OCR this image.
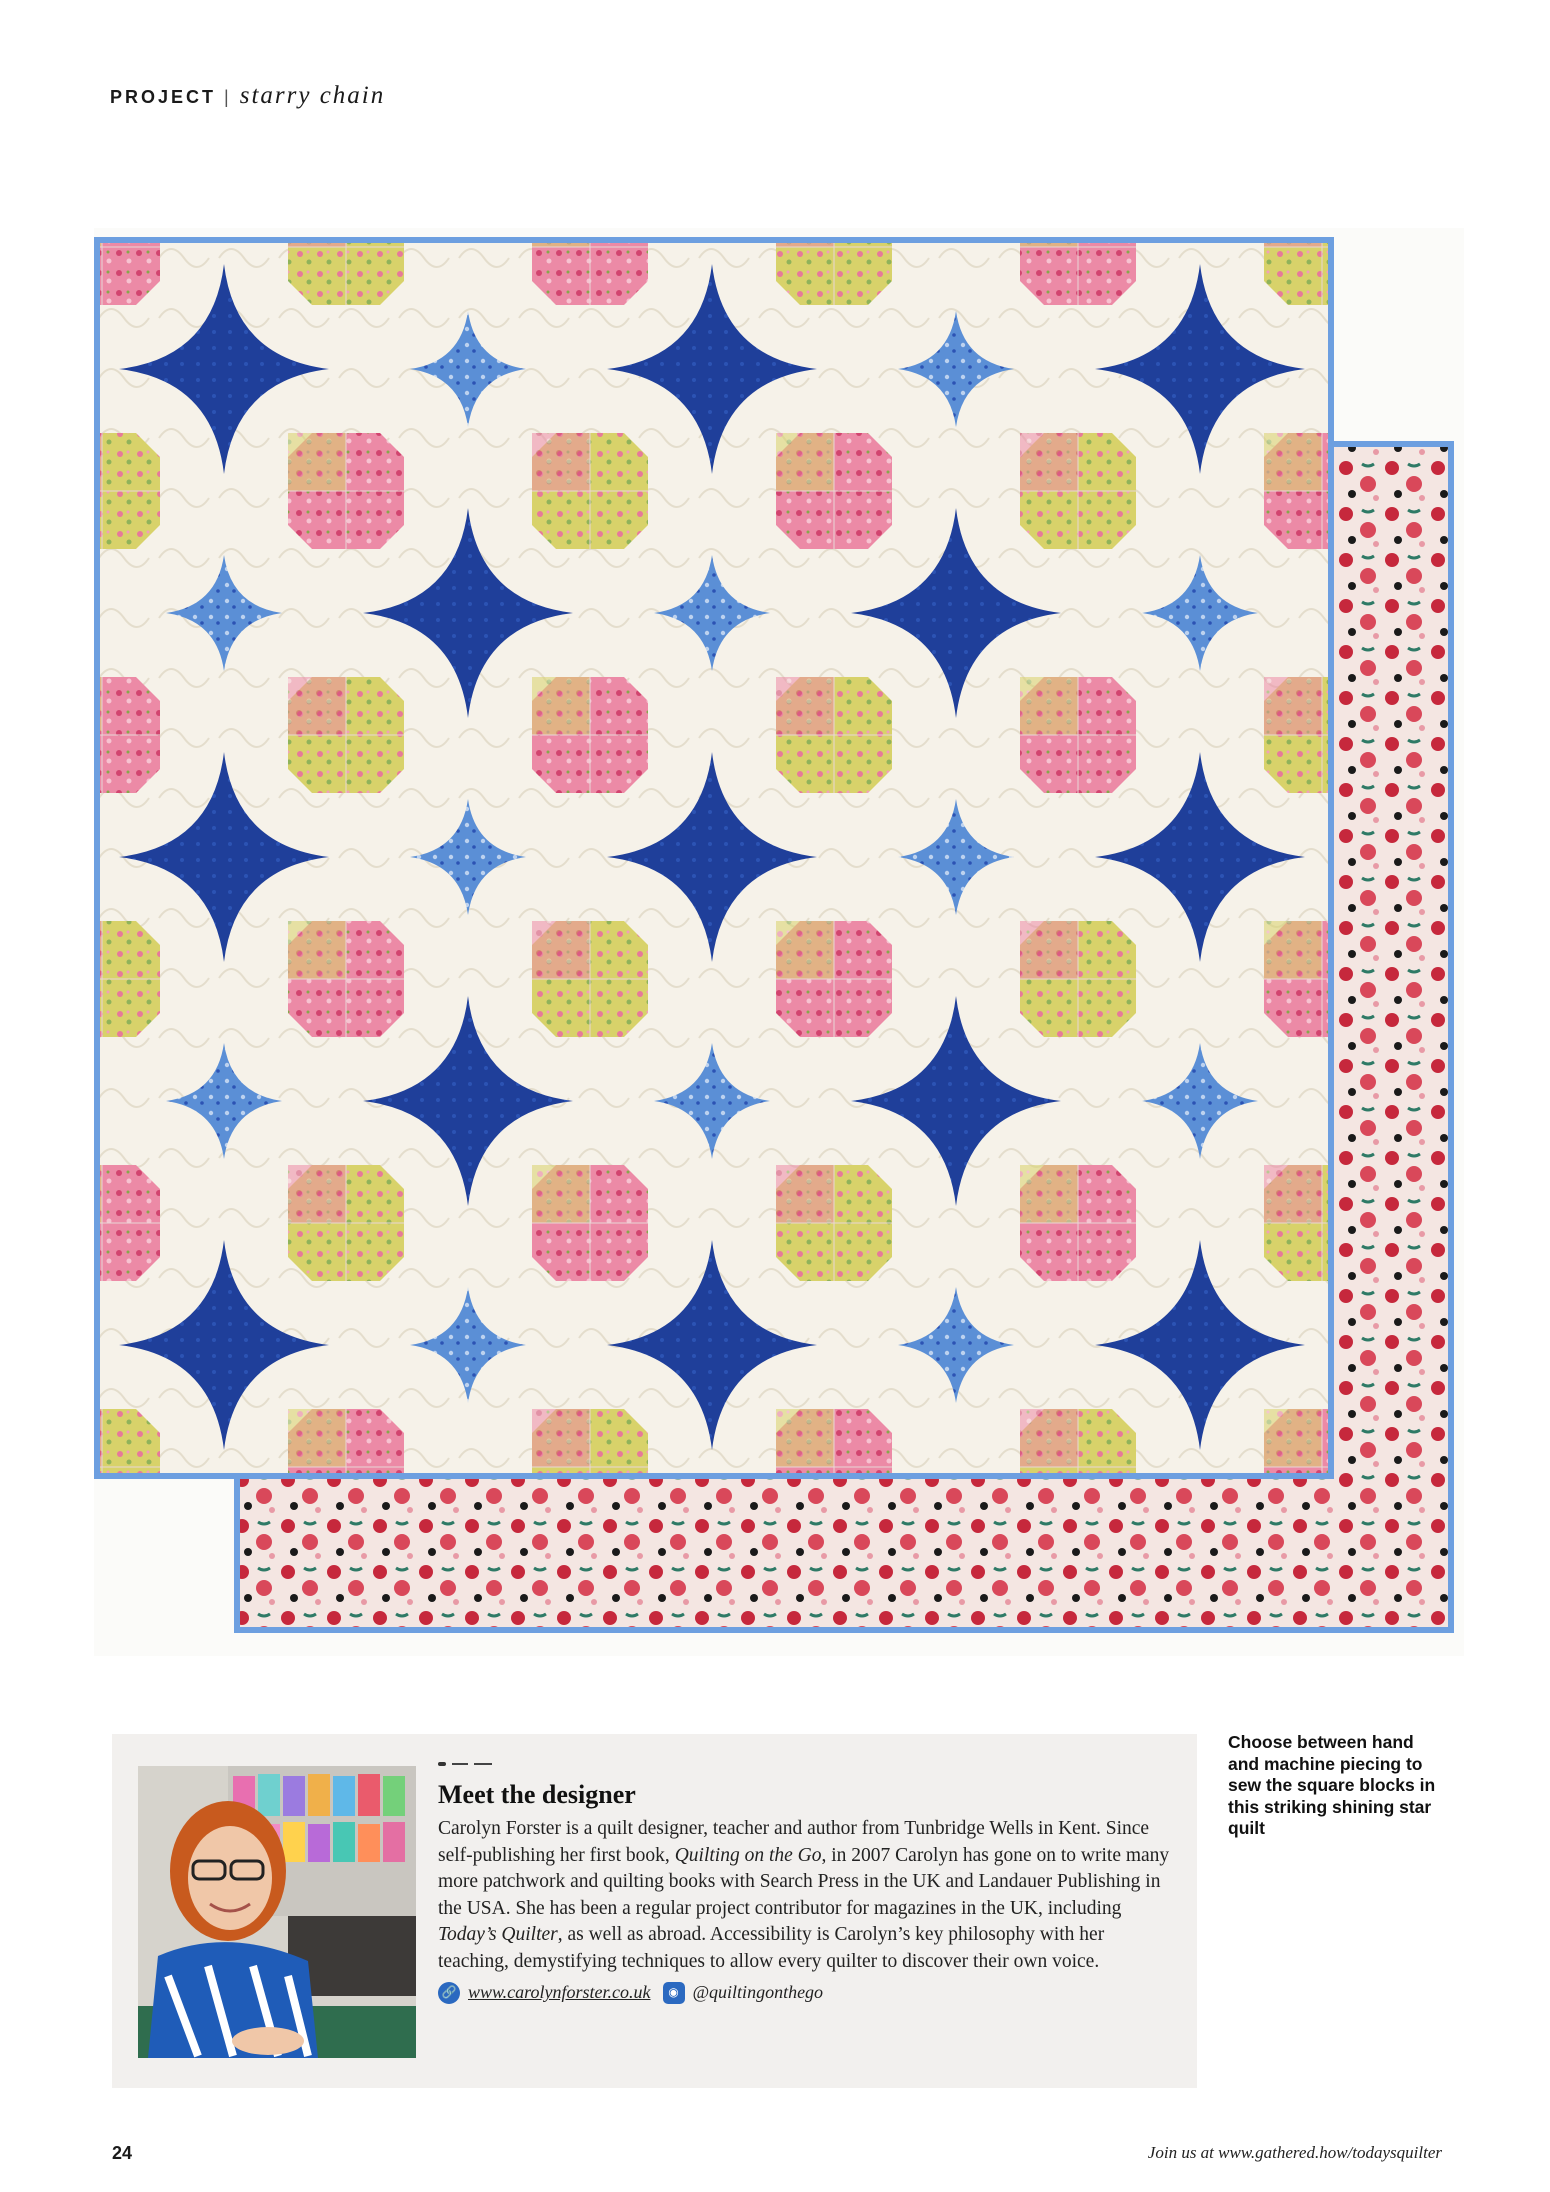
PROJECT | starry chain
Meet the designer

Carolyn Forster is a quilt designer, teacher and author from Tunbridge Wells in Kent. Since self-publishing her first book, Quilting on the Go, in 2007 Carolyn has gone on to write many more patchwork and quilting books with Search Press in the UK and Landauer Publishing in the USA. She has been a regular project contributor for magazines in the UK, including Today’s Quilter, as well as abroad. Accessibility is Carolyn’s key philosophy with her teaching, demystifying techniques to allow every quilter to discover their own voice.

🔗 www.carolynforster.co.uk	◉ @quiltingonthego
Choose between hand and machine piecing to sew the square blocks in this striking shining star quilt
24	Join us at www.gathered.how/todaysquilter
